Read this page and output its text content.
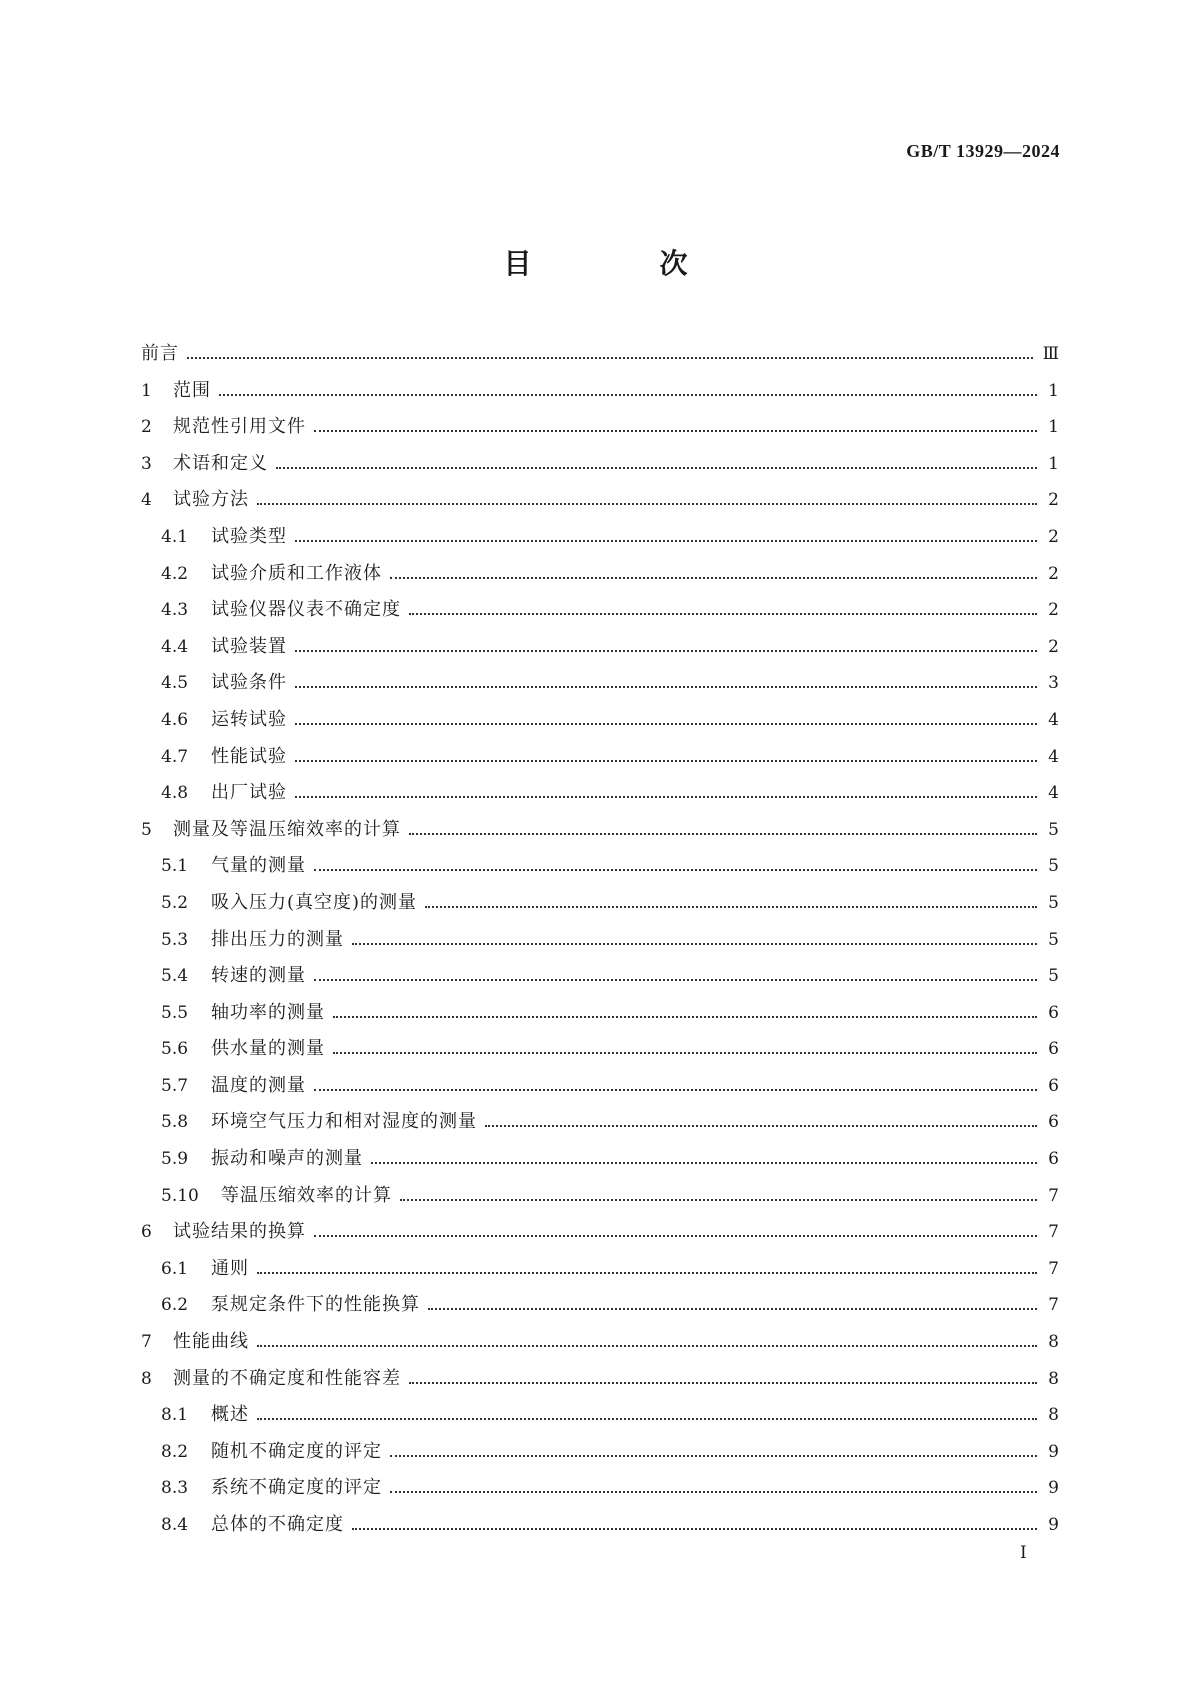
GB/T 13929—2024
目　次
前言	Ⅲ
1	范围	1
2	规范性引用文件	1
3	术语和定义	1
4	试验方法	2
4.1	试验类型	2
4.2	试验介质和工作液体	2
4.3	试验仪器仪表不确定度	2
4.4	试验装置	2
4.5	试验条件	3
4.6	运转试验	4
4.7	性能试验	4
4.8	出厂试验	4
5	测量及等温压缩效率的计算	5
5.1	气量的测量	5
5.2	吸入压力(真空度)的测量	5
5.3	排出压力的测量	5
5.4	转速的测量	5
5.5	轴功率的测量	6
5.6	供水量的测量	6
5.7	温度的测量	6
5.8	环境空气压力和相对湿度的测量	6
5.9	振动和噪声的测量	6
5.10	等温压缩效率的计算	7
6	试验结果的换算	7
6.1	通则	7
6.2	泵规定条件下的性能换算	7
7	性能曲线	8
8	测量的不确定度和性能容差	8
8.1	概述	8
8.2	随机不确定度的评定	9
8.3	系统不确定度的评定	9
8.4	总体的不确定度	9
I
